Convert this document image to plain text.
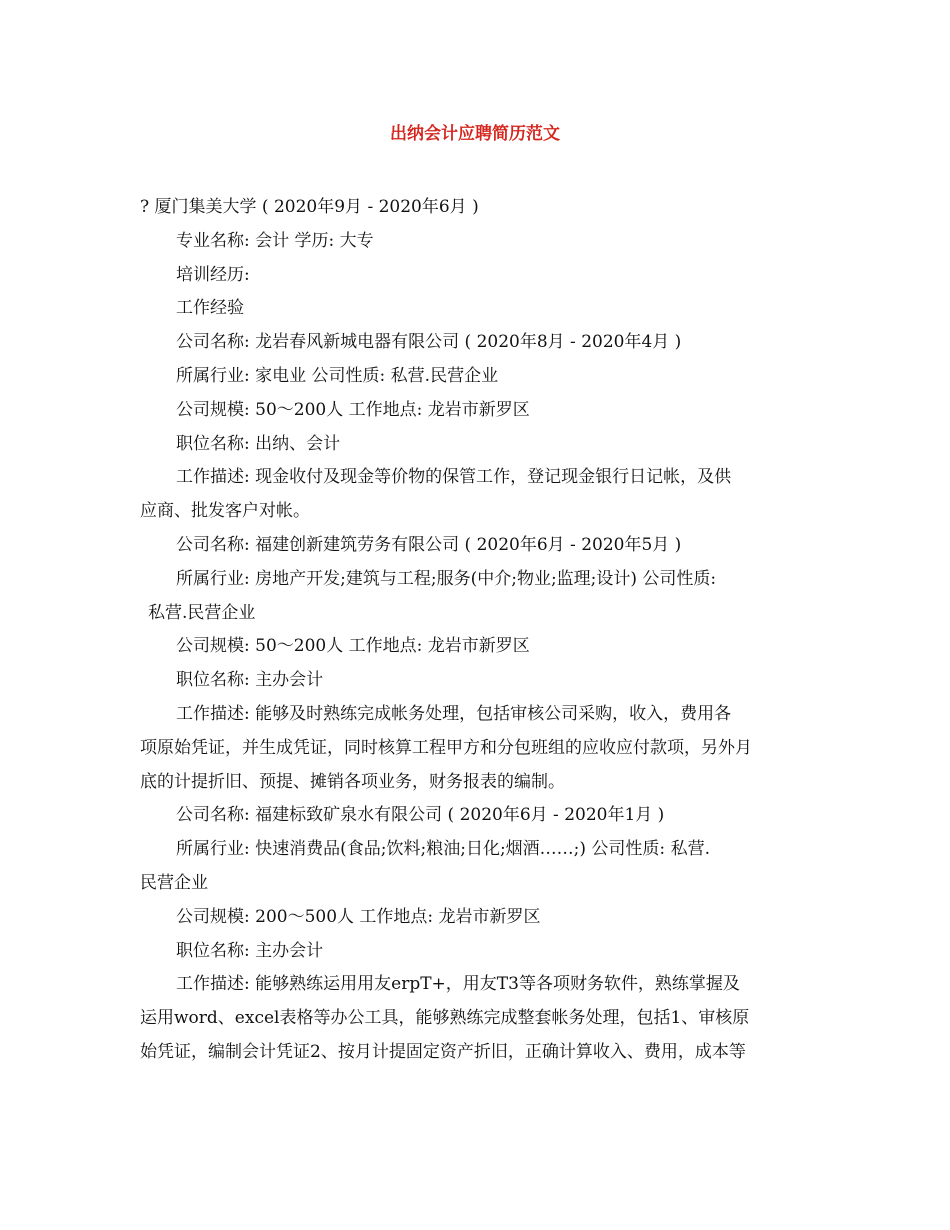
出纳会计应聘简历范文
? 厦门集美大学 ( 2020年9月 - 2020年6月 )
专业名称: 会计 学历: 大专
培训经历:
工作经验
公司名称: 龙岩春风新城电器有限公司 ( 2020年8月 - 2020年4月 )
所属行业: 家电业 公司性质: 私营.民营企业
公司规模: 50～200人 工作地点: 龙岩市新罗区
职位名称: 出纳、会计
工作描述: 现金收付及现金等价物的保管工作，登记现金银行日记帐，及供
应商、批发客户对帐。
公司名称: 福建创新建筑劳务有限公司 ( 2020年6月 - 2020年5月 )
所属行业: 房地产开发;建筑与工程;服务(中介;物业;监理;设计) 公司性质:
私营.民营企业
公司规模: 50～200人 工作地点: 龙岩市新罗区
职位名称: 主办会计
工作描述: 能够及时熟练完成帐务处理，包括审核公司采购，收入，费用各
项原始凭证，并生成凭证，同时核算工程甲方和分包班组的应收应付款项，另外月
底的计提折旧、预提、摊销各项业务，财务报表的编制。
公司名称: 福建标致矿泉水有限公司 ( 2020年6月 - 2020年1月 )
所属行业: 快速消费品(食品;饮料;粮油;日化;烟酒……;) 公司性质: 私营.
民营企业
公司规模: 200～500人 工作地点: 龙岩市新罗区
职位名称: 主办会计
工作描述: 能够熟练运用用友erpT+，用友T3等各项财务软件，熟练掌握及
运用word、excel表格等办公工具，能够熟练完成整套帐务处理，包括1、审核原
始凭证，编制会计凭证2、按月计提固定资产折旧，正确计算收入、费用，成本等
